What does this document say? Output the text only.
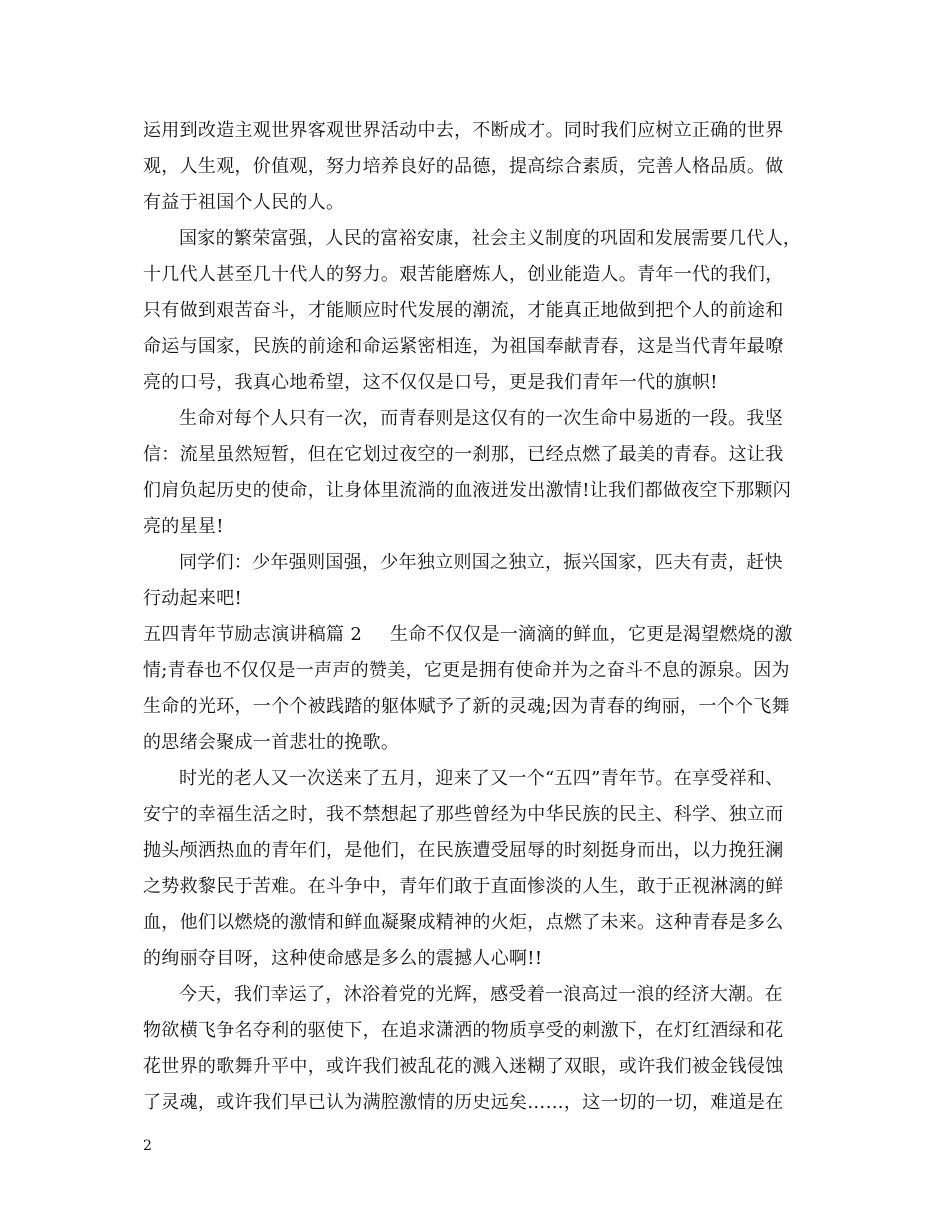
运用到改造主观世界客观世界活动中去，不断成才。同时我们应树立正确的世界
观，人生观，价值观，努力培养良好的品德，提高综合素质，完善人格品质。做
有益于祖国个人民的人。
国家的繁荣富强，人民的富裕安康，社会主义制度的巩固和发展需要几代人，
十几代人甚至几十代人的努力。艰苦能磨炼人，创业能造人。青年一代的我们，
只有做到艰苦奋斗，才能顺应时代发展的潮流，才能真正地做到把个人的前途和
命运与国家，民族的前途和命运紧密相连，为祖国奉献青春，这是当代青年最嘹
亮的口号，我真心地希望，这不仅仅是口号，更是我们青年一代的旗帜!
生命对每个人只有一次，而青春则是这仅有的一次生命中易逝的一段。我坚
信：流星虽然短暂，但在它划过夜空的一刹那，已经点燃了最美的青春。这让我
们肩负起历史的使命，让身体里流淌的血液迸发出激情!让我们都做夜空下那颗闪
亮的星星!
同学们：少年强则国强，少年独立则国之独立，振兴国家，匹夫有责，赶快
行动起来吧!
五四青年节励志演讲稿篇 2 生命不仅仅是一滴滴的鲜血，它更是渴望燃烧的激
情;青春也不仅仅是一声声的赞美，它更是拥有使命并为之奋斗不息的源泉。因为
生命的光环，一个个被践踏的躯体赋予了新的灵魂;因为青春的绚丽，一个个飞舞
的思绪会聚成一首悲壮的挽歌。
时光的老人又一次送来了五月，迎来了又一个“五四”青年节。在享受祥和、
安宁的幸福生活之时，我不禁想起了那些曾经为中华民族的民主、科学、独立而
抛头颅洒热血的青年们，是他们，在民族遭受屈辱的时刻挺身而出，以力挽狂澜
之势救黎民于苦难。在斗争中，青年们敢于直面惨淡的人生，敢于正视淋漓的鲜
血，他们以燃烧的激情和鲜血凝聚成精神的火炬，点燃了未来。这种青春是多么
的绚丽夺目呀，这种使命感是多么的震撼人心啊!!
今天，我们幸运了，沐浴着党的光辉，感受着一浪高过一浪的经济大潮。在
物欲横飞争名夺利的驱使下，在追求潇洒的物质享受的刺激下，在灯红酒绿和花
花世界的歌舞升平中，或许我们被乱花的溅入迷糊了双眼，或许我们被金钱侵蚀
了灵魂，或许我们早已认为满腔激情的历史远矣……，这一切的一切，难道是在
2
